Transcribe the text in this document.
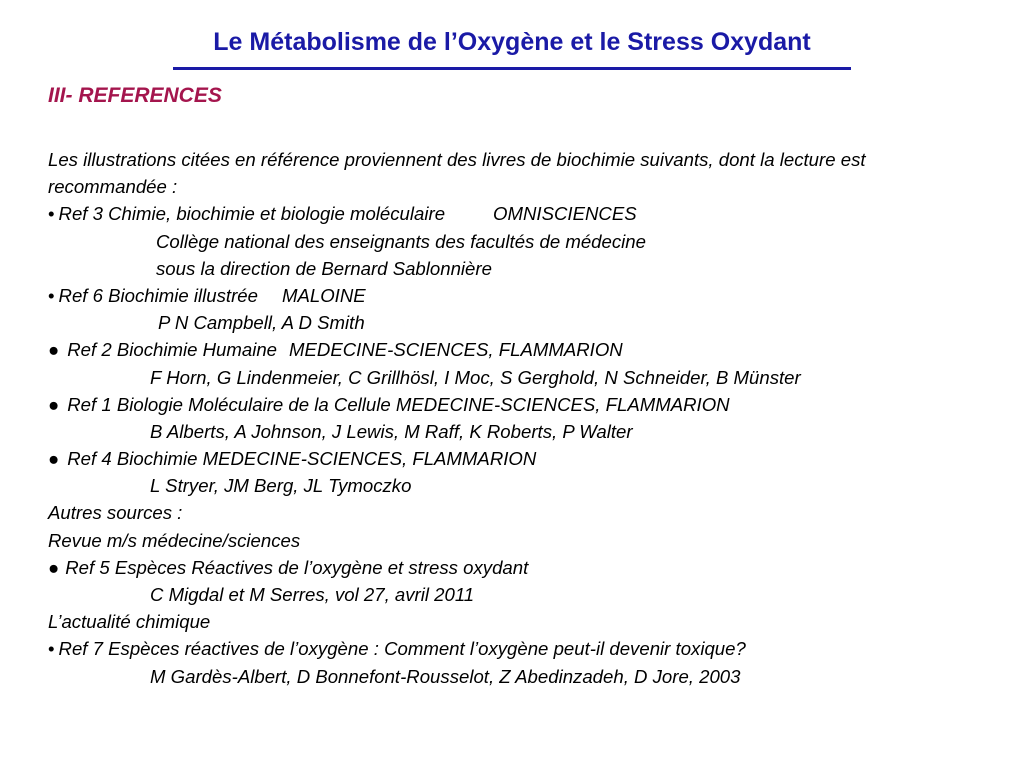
Le Métabolisme de l’Oxygène et le Stress Oxydant
III- REFERENCES
Les illustrations citées en référence proviennent des livres de biochimie suivants, dont la lecture est recommandée :
• Ref 3 Chimie, biochimie et biologie moléculaire	OMNISCIENCES
Collège national des enseignants des facultés de médecine
sous la direction de Bernard Sablonnière
• Ref 6 Biochimie illustrée MALOINE
P N Campbell, A D Smith
● Ref 2 Biochimie Humaine MEDECINE-SCIENCES, FLAMMARION
F Horn, G Lindenmeier, C Grillhösl, I Moc, S Gerghold, N Schneider, B Münster
● Ref 1 Biologie Moléculaire de la Cellule MEDECINE-SCIENCES, FLAMMARION
B Alberts, A Johnson, J Lewis, M Raff, K Roberts, P Walter
● Ref 4 Biochimie MEDECINE-SCIENCES, FLAMMARION
L Stryer, JM Berg, JL Tymoczko
Autres sources :
Revue m/s médecine/sciences
● Ref 5 Espèces Réactives de l’oxygène et stress oxydant
C Migdal et M Serres, vol 27, avril 2011
L’actualité chimique
• Ref 7 Espèces réactives de l’oxygène : Comment l’oxygène peut-il devenir toxique?
M Gardès-Albert, D Bonnefont-Rousselot, Z Abedinzadeh, D Jore, 2003
